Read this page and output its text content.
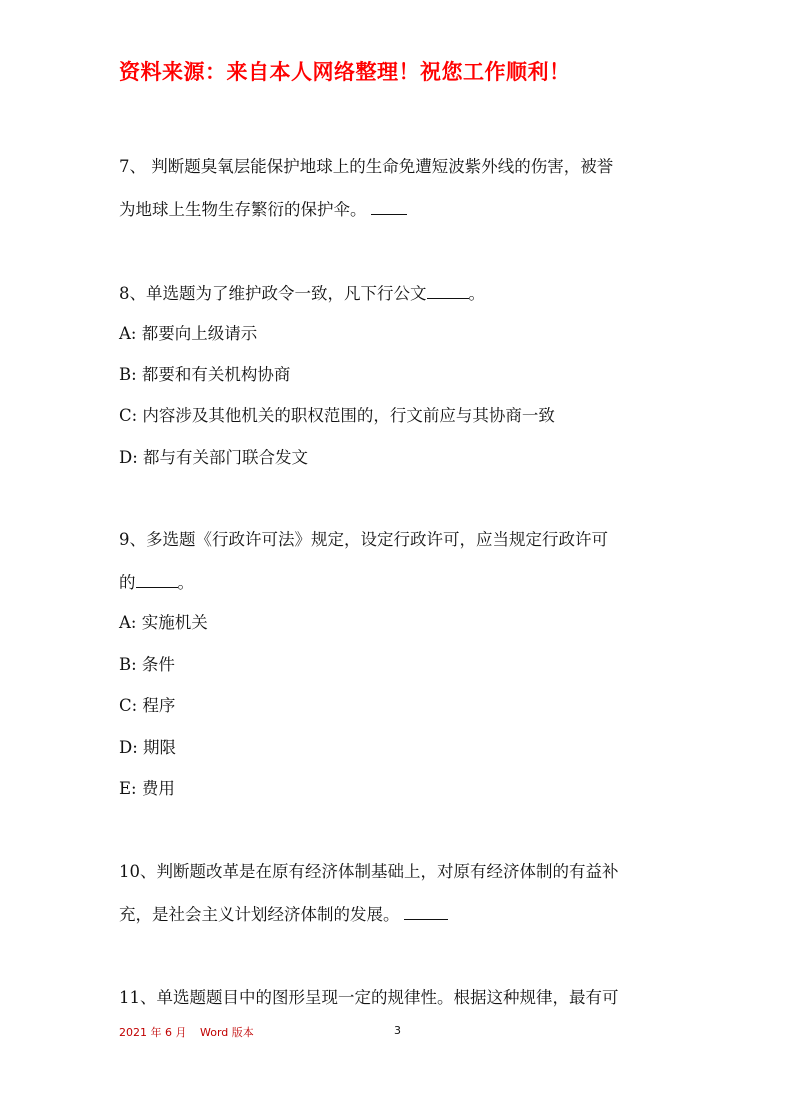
资料来源：来自本人网络整理！祝您工作顺利！
7、 判断题臭氧层能保护地球上的生命免遭短波紫外线的伤害，被誉
为地球上生物生存繁衍的保护伞。
8、单选题为了维护政令一致，凡下行公文	。
A: 都要向上级请示
B: 都要和有关机构协商
C: 内容涉及其他机关的职权范围的，行文前应与其协商一致
D: 都与有关部门联合发文
9、多选题《行政许可法》规定，设定行政许可，应当规定行政许可
的	。
A: 实施机关
B: 条件
C: 程序
D: 期限
E: 费用
10、判断题改革是在原有经济体制基础上，对原有经济体制的有益补
充，是社会主义计划经济体制的发展。
11、单选题题目中的图形呈现一定的规律性。根据这种规律，最有可
2021 年 6 月 Word 版本	3
